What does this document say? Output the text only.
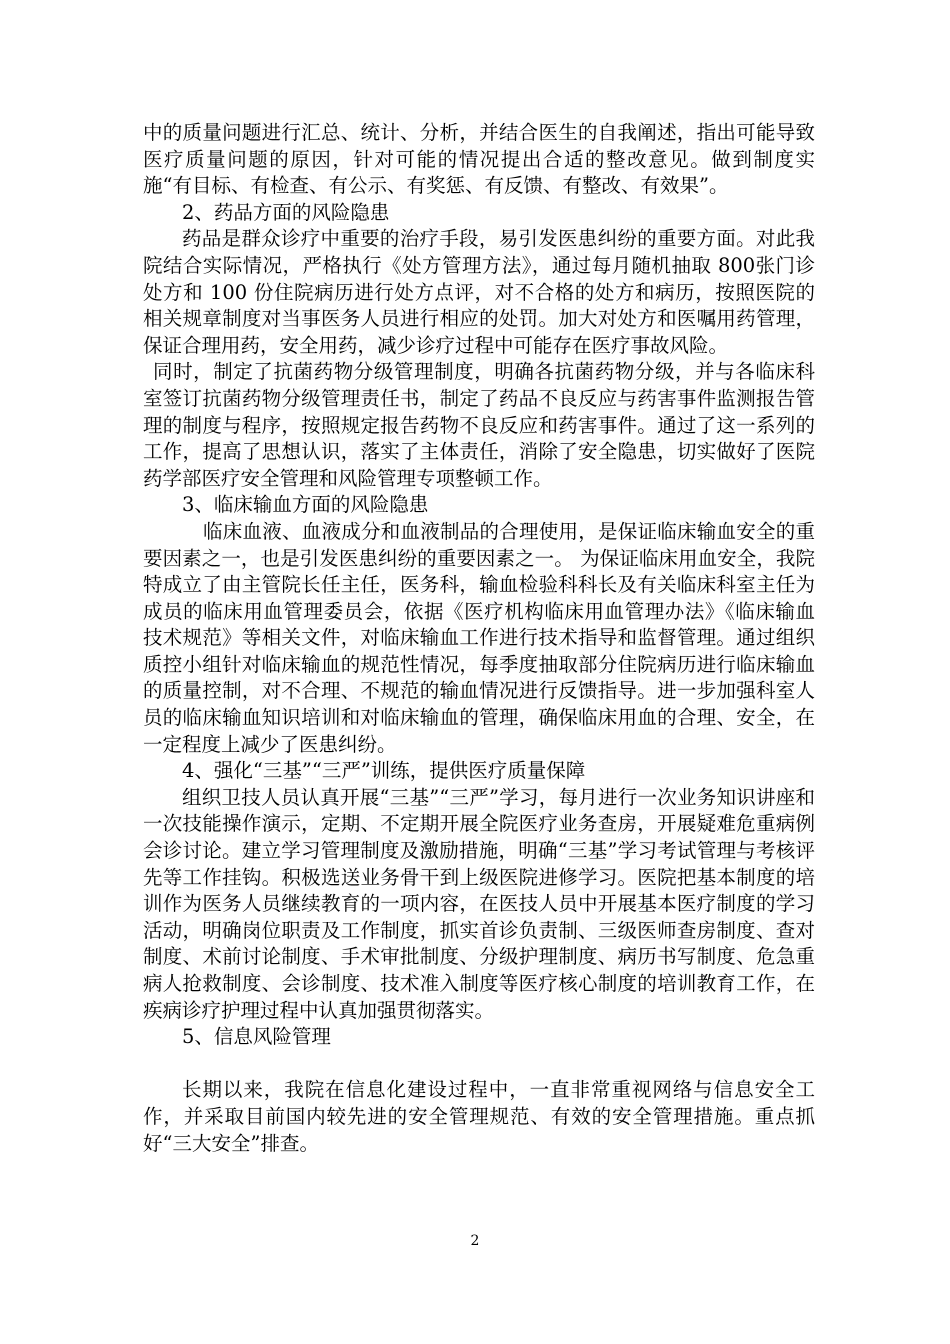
中的质量问题进行汇总、统计、分析，并结合医生的自我阐述，指出可能导致医疗质量问题的原因，针对可能的情况提出合适的整改意见。做到制度实施“有目标、有检查、有公示、有奖惩、有反馈、有整改、有效果”。

2、药品方面的风险隐患

药品是群众诊疗中重要的治疗手段，易引发医患纠纷的重要方面。对此我院结合实际情况，严格执行《处方管理方法》，通过每月随机抽取 800张门诊处方和 100 份住院病历进行处方点评，对不合格的处方和病历，按照医院的相关规章制度对当事医务人员进行相应的处罚。加大对处方和医嘱用药管理，保证合理用药，安全用药，减少诊疗过程中可能存在医疗事故风险。

同时，制定了抗菌药物分级管理制度，明确各抗菌药物分级，并与各临床科室签订抗菌药物分级管理责任书，制定了药品不良反应与药害事件监测报告管理的制度与程序，按照规定报告药物不良反应和药害事件。通过了这一系列的工作，提高了思想认识，落实了主体责任，消除了安全隐患，切实做好了医院药学部医疗安全管理和风险管理专项整顿工作。

3、临床输血方面的风险隐患

临床血液、血液成分和血液制品的合理使用，是保证临床输血安全的重要因素之一，也是引发医患纠纷的重要因素之一。 为保证临床用血安全，我院特成立了由主管院长任主任，医务科，输血检验科科长及有关临床科室主任为成员的临床用血管理委员会，依据《医疗机构临床用血管理办法》《临床输血技术规范》等相关文件，对临床输血工作进行技术指导和监督管理。通过组织质控小组针对临床输血的规范性情况，每季度抽取部分住院病历进行临床输血的质量控制，对不合理、不规范的输血情况进行反馈指导。进一步加强科室人员的临床输血知识培训和对临床输血的管理，确保临床用血的合理、安全，在一定程度上减少了医患纠纷。

4、强化“三基”“三严”训练，提供医疗质量保障

组织卫技人员认真开展“三基”“三严”学习，每月进行一次业务知识讲座和一次技能操作演示，定期、不定期开展全院医疗业务查房，开展疑难危重病例会诊讨论。建立学习管理制度及激励措施，明确“三基”学习考试管理与考核评先等工作挂钩。积极选送业务骨干到上级医院进修学习。医院把基本制度的培训作为医务人员继续教育的一项内容，在医技人员中开展基本医疗制度的学习活动，明确岗位职责及工作制度，抓实首诊负责制、三级医师查房制度、查对制度、术前讨论制度、手术审批制度、分级护理制度、病历书写制度、危急重病人抢救制度、会诊制度、技术准入制度等医疗核心制度的培训教育工作，在疾病诊疗护理过程中认真加强贯彻落实。

5、信息风险管理

长期以来，我院在信息化建设过程中，一直非常重视网络与信息安全工作，并采取目前国内较先进的安全管理规范、有效的安全管理措施。重点抓好“三大安全”排查。

2
